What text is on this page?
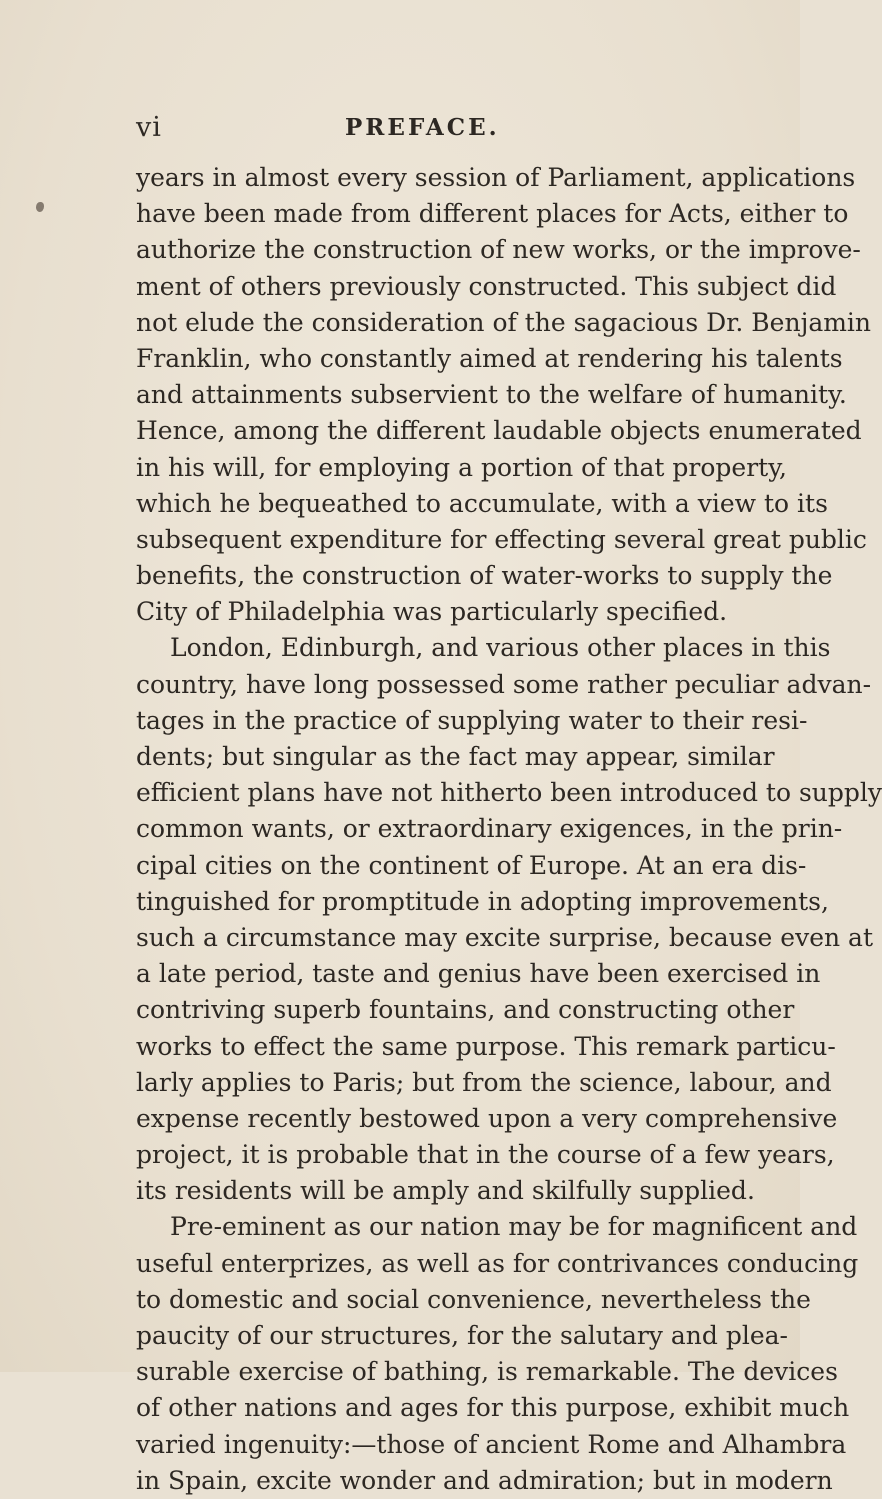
vi	PREFACE.
years in almost every session of Parliament, applications
have been made from different places for Acts, either to
authorize the construction of new works, or the improve-
ment of others previously constructed. This subject did
not elude the consideration of the sagacious Dr. Benjamin
Franklin, who constantly aimed at rendering his talents
and attainments subservient to the welfare of humanity.
Hence, among the different laudable objects enumerated
in his will, for employing a portion of that property,
which he bequeathed to accumulate, with a view to its
subsequent expenditure for effecting several great public
benefits, the construction of water-works to supply the
City of Philadelphia was particularly specified.
London, Edinburgh, and various other places in this
country, have long possessed some rather peculiar advan-
tages in the practice of supplying water to their resi-
dents; but singular as the fact may appear, similar
efficient plans have not hitherto been introduced to supply
common wants, or extraordinary exigences, in the prin-
cipal cities on the continent of Europe. At an era dis-
tinguished for promptitude in adopting improvements,
such a circumstance may excite surprise, because even at
a late period, taste and genius have been exercised in
contriving superb fountains, and constructing other
works to effect the same purpose. This remark particu-
larly applies to Paris; but from the science, labour, and
expense recently bestowed upon a very comprehensive
project, it is probable that in the course of a few years,
its residents will be amply and skilfully supplied.
Pre-eminent as our nation may be for magnificent and
useful enterprizes, as well as for contrivances conducing
to domestic and social convenience, nevertheless the
paucity of our structures, for the salutary and plea-
surable exercise of bathing, is remarkable. The devices
of other nations and ages for this purpose, exhibit much
varied ingenuity:—those of ancient Rome and Alhambra
in Spain, excite wonder and admiration; but in modern
